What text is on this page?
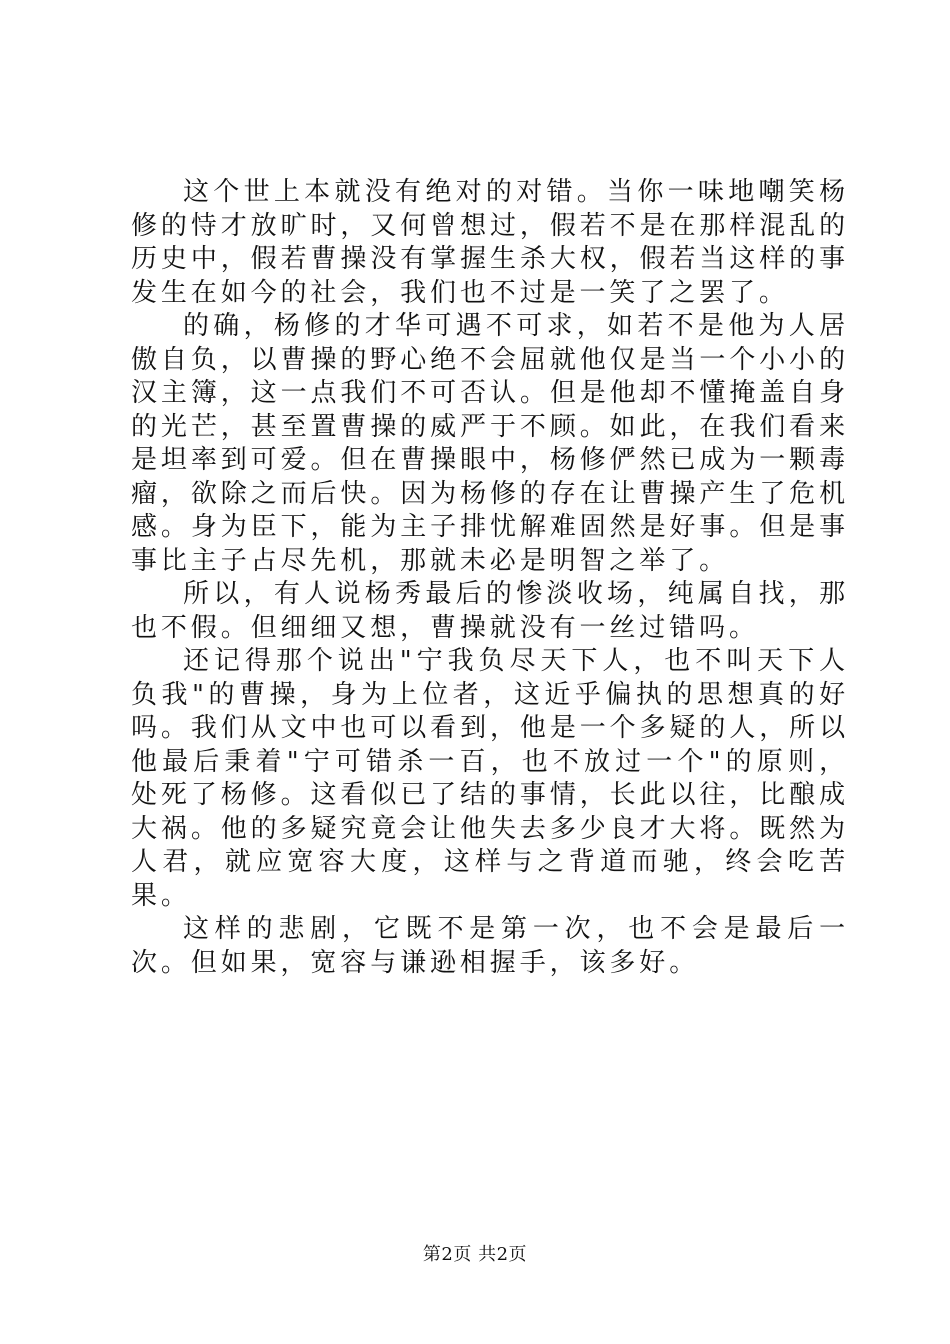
这个世上本就没有绝对的对错。当你一味地嘲笑杨修的恃才放旷时，又何曾想过，假若不是在那样混乱的历史中，假若曹操没有掌握生杀大权，假若当这样的事发生在如今的社会，我们也不过是一笑了之罢了。

的确，杨修的才华可遇不可求，如若不是他为人居傲自负，以曹操的野心绝不会屈就他仅是当一个小小的汉主簿，这一点我们不可否认。但是他却不懂掩盖自身的光芒，甚至置曹操的威严于不顾。如此，在我们看来是坦率到可爱。但在曹操眼中，杨修俨然已成为一颗毒瘤，欲除之而后快。因为杨修的存在让曹操产生了危机感。身为臣下，能为主子排忧解难固然是好事。但是事事比主子占尽先机，那就未必是明智之举了。

所以，有人说杨秀最后的惨淡收场，纯属自找，那也不假。但细细又想，曹操就没有一丝过错吗。

还记得那个说出"宁我负尽天下人，也不叫天下人负我"的曹操，身为上位者，这近乎偏执的思想真的好吗。我们从文中也可以看到，他是一个多疑的人，所以他最后秉着"宁可错杀一百，也不放过一个"的原则，处死了杨修。这看似已了结的事情，长此以往，比酿成大祸。他的多疑究竟会让他失去多少良才大将。既然为人君，就应宽容大度，这样与之背道而驰，终会吃苦果。

这样的悲剧，它既不是第一次，也不会是最后一次。但如果，宽容与谦逊相握手，该多好。

第2页 共2页
